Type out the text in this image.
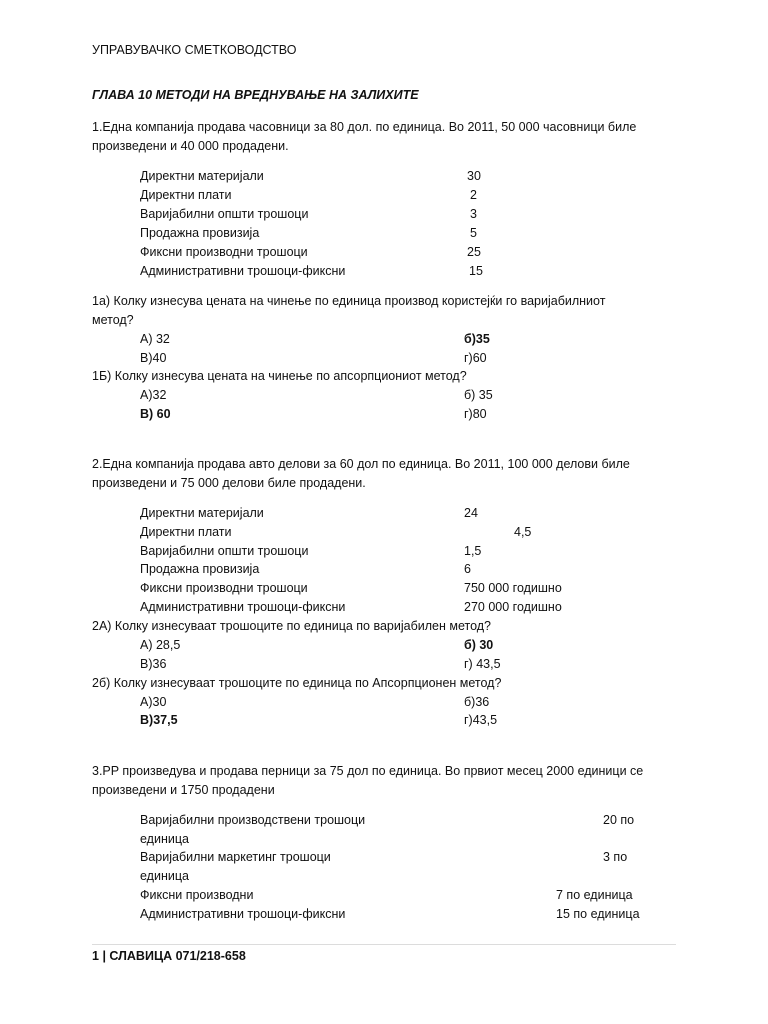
УПРАВУВАЧКО СМЕТКОВОДСТВО
ГЛАВА 10 МЕТОДИ НА ВРЕДНУВАЊЕ НА ЗАЛИХИТЕ
1.Една компанија продава часовници за 80 дол. по единица. Во 2011, 50 000 часовници биле
произведени и 40 000 продадени.
Директни материјали	30
Директни плати	2
Варијабилни општи трошоци	3
Продажна провизија	5
Фиксни производни трошоци	25
Административни трошоци-фиксни	15
1а) Колку изнесува цената на чинење по единица производ користејќи го варијабилниот
метод?
А) 32	б)35
В)40	г)60
1Б) Колку изнесува цената на чинење по апсорпциониот метод?
А)32	б) 35
В) 60	г)80
2.Една компанија продава авто делови за 60 дол по единица. Во 2011, 100 000 делови биле
произведени и 75 000 делови биле продадени.
Директни материјали	24
Директни плати	4,5
Варијабилни општи трошоци	1,5
Продажна провизија	6
Фиксни производни трошоци	750 000 годишно
Административни трошоци-фиксни	270 000 годишно
2А) Колку изнесуваат трошоците по единица по варијабилен метод?
А) 28,5	б) 30
В)36	г) 43,5
2б) Колку изнесуваат трошоците по единица по Апсорпционен метод?
А)30	б)36
В)37,5	г)43,5
3.PP произведува и продава перници за 75 дол по единица. Во првиот месец 2000 единици се
произведени и 1750 продадени
Варијабилни производствени трошоци	20 по
единица
Варијабилни маркетинг трошоци	3 по
единица
Фиксни производни	7 по единица
Административни трошоци-фиксни	15 по единица
1 | СЛАВИЦА 071/218-658
